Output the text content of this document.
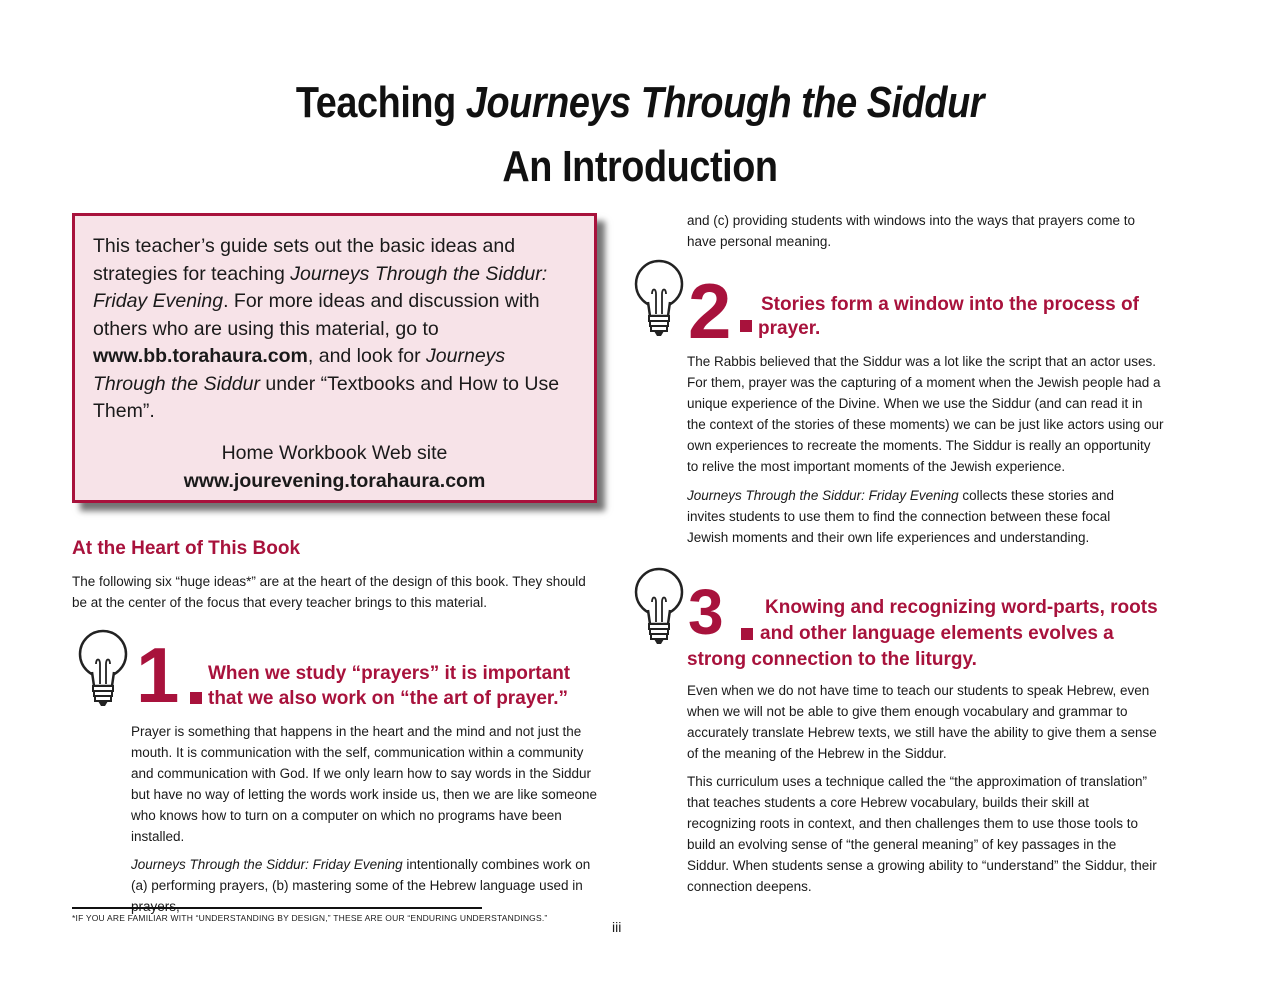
Teaching Journeys Through the Siddur
An Introduction
This teacher’s guide sets out the basic ideas and strategies for teaching Journeys Through the Siddur: Friday Evening. For more ideas and discussion with others who are using this material, go to www.bb.torahaura.com, and look for Journeys Through the Siddur under “Textbooks and How to Use Them”.
Home Workbook Web site
www.jourevening.torahaura.com
At the Heart of This Book

The following six “huge ideas*” are at the heart of the design of this book. They should be at the center of the focus that every teacher brings to this material.

1 When we study “prayers” it is important
that we also work on “the art of prayer.”

Prayer is something that happens in the heart and the mind and not just the mouth. It is communication with the self, communication within a community and communication with God. If we only learn how to say words in the Siddur but have no way of letting the words work inside us, then we are like someone who knows how to turn on a computer on which no programs have been installed.

Journeys Through the Siddur: Friday Evening intentionally combines work on (a) performing prayers, (b) mastering some of the Hebrew language used in

and (c) providing students with windows into the ways that prayers come to have personal meaning.

2 Stories form a window into the process of
prayer.

The Rabbis believed that the Siddur was a lot like the script that an actor uses. For them, prayer was the capturing of a moment when the Jewish people had a unique experience of the Divine. When we use the Siddur (and can read it in the context of the stories of these moments) we can be just like actors using our own experiences to recreate the moments. The Siddur is really an opportunity to relive the most important moments of the Jewish experience.

Journeys Through the Siddur: Friday Evening collects these stories and invites students to use them to find the connection between these focal Jewish moments and their own life experiences and understanding.

3 Knowing and recognizing word-parts, roots
and other language elements evolves a
strong connection to the liturgy.

Even when we do not have time to teach our students to speak Hebrew, even when we will not be able to give them enough vocabulary and grammar to accurately translate Hebrew texts, we still have the ability to give them a sense of the meaning of the Hebrew in the Siddur.

This curriculum uses a technique called the “the approximation of translation” that teaches students a core Hebrew vocabulary, builds their skill at recognizing roots in context, and then challenges them to use those tools to build an evolving sense of “the general meaning” of key passages in the Siddur. When students sense a growing ability to “understand” the Siddur, their connection deepens.

*IF YOU ARE FAMILIAR WITH “UNDERSTANDING BY DESIGN,” THESE ARE OUR “ENDURING UNDERSTANDINGS.”
iii
